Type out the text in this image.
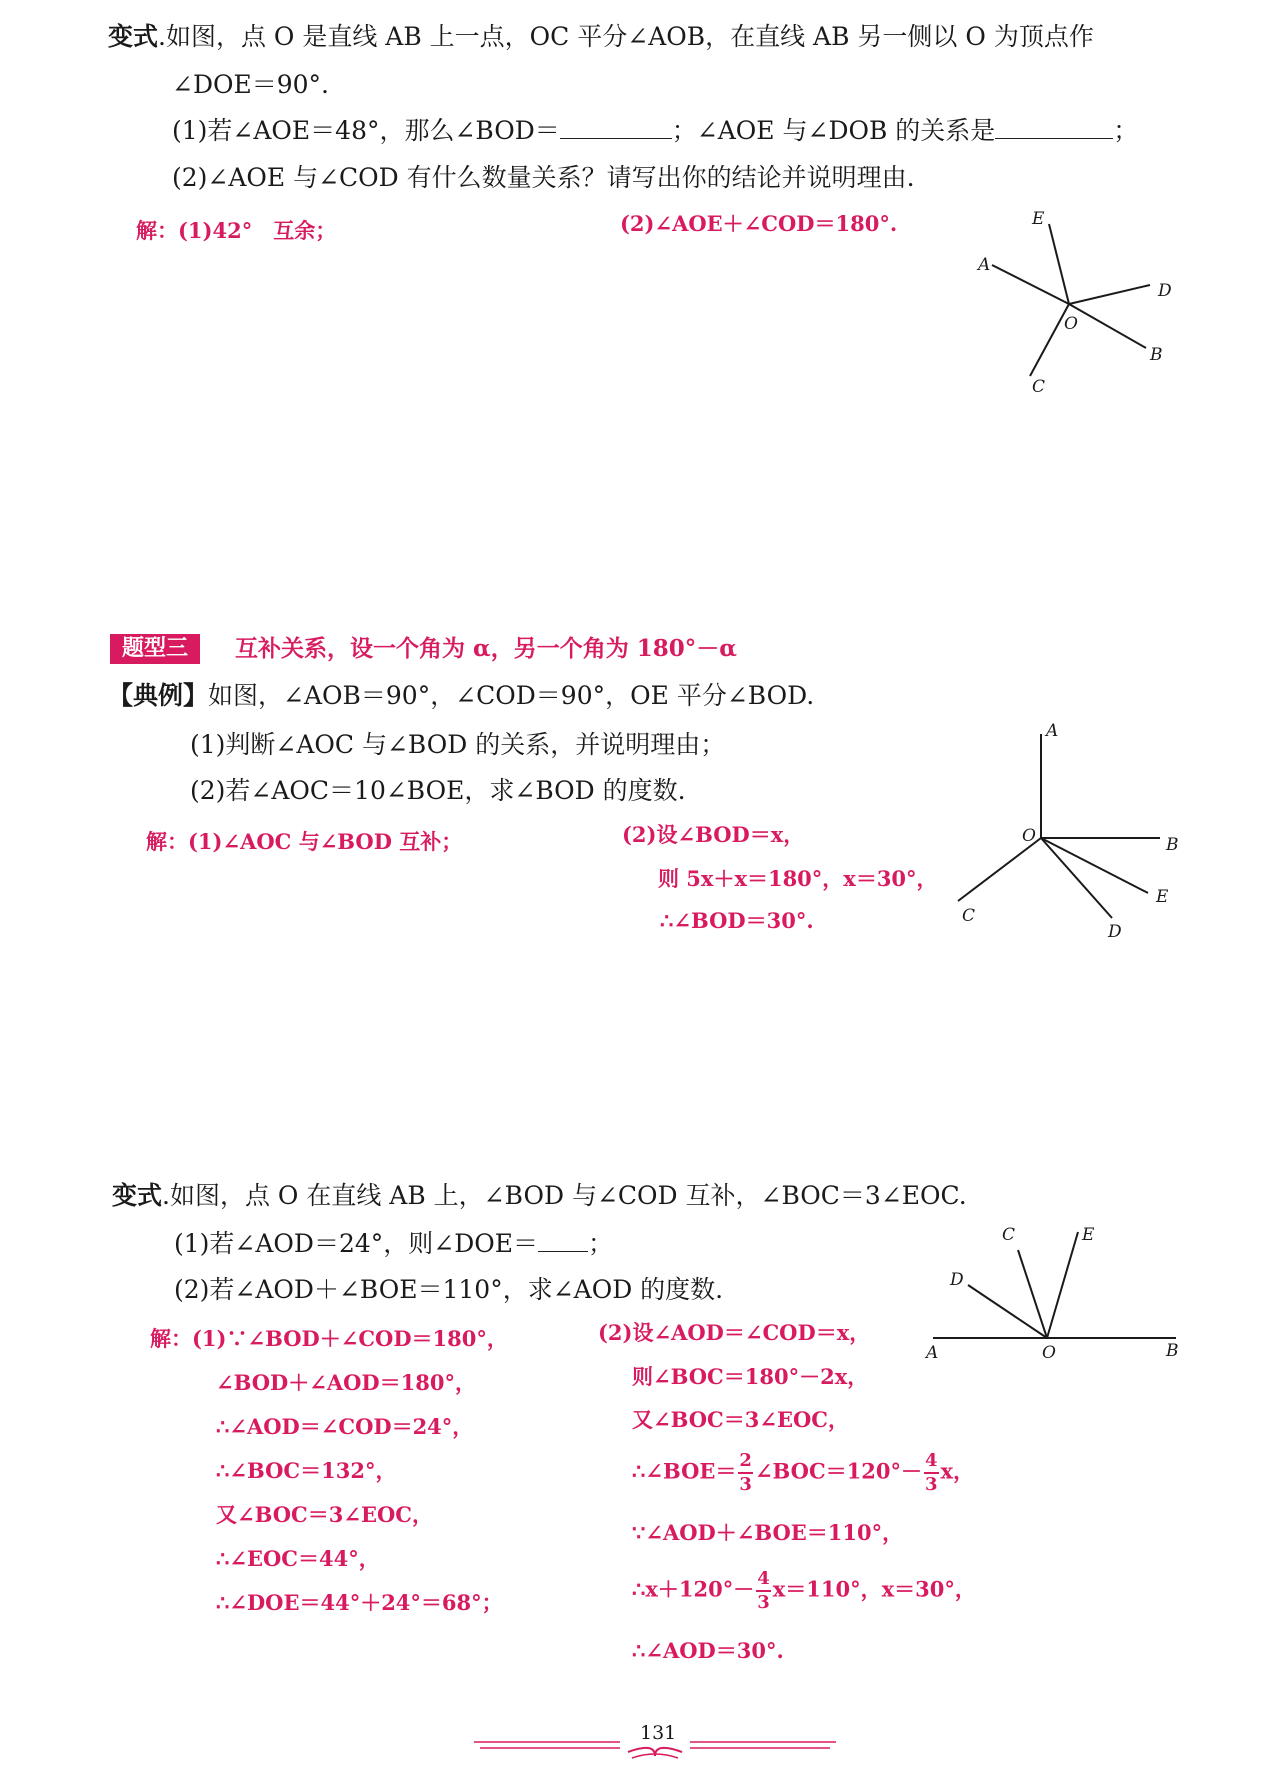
变式.如图，点 O 是直线 AB 上一点，OC 平分∠AOB，在直线 AB 另一侧以 O 为顶点作
∠DOE＝90°.
(1)若∠AOE＝48°，那么∠BOD＝	；∠AOE 与∠DOB 的关系是	；
(2)∠AOE 与∠COD 有什么数量关系？请写出你的结论并说明理由.
解：(1)42°　互余；	(2)∠AOE＋∠COD＝180°.	E
A
D
O
B
C
题型三	互补关系，设一个角为 α，另一个角为 180°－α
【典例】如图，∠AOB＝90°，∠COD＝90°，OE 平分∠BOD.
(1)判断∠AOC 与∠BOD 的关系，并说明理由；
(2)若∠AOC＝10∠BOE，求∠BOD 的度数.
解：(1)∠AOC 与∠BOD 互补；	(2)设∠BOD＝x，
则 5x＋x＝180°，x＝30°，
∴∠BOD＝30°.
A
O	B
E
C
D
变式.如图，点 O 在直线 AB 上，∠BOD 与∠COD 互补，∠BOC＝3∠EOC.
(1)若∠AOD＝24°，则∠DOE＝ ；
(2)若∠AOD＋∠BOE＝110°，求∠AOD 的度数.
解：(1)∵∠BOD＋∠COD＝180°，
∠BOD＋∠AOD＝180°，
∴∠AOD＝∠COD＝24°，
∴∠BOC＝132°，
又∠BOC＝3∠EOC，
∴∠EOC＝44°，
∴∠DOE＝44°＋24°＝68°；
(2)设∠AOD＝∠COD＝x，
则∠BOC＝180°－2x，
又∠BOC＝3∠EOC，
∴∠BOE＝ $\frac{2}{3}$ ∠BOC＝120°－ $\frac{4}{3}$ x，
∵∠AOD＋∠BOE＝110°，
∴x＋120°－ $\frac{4}{3} x=110^\circ$，x＝30°，
∴∠AOD＝30°.
C	E
D
A	O	B
131
